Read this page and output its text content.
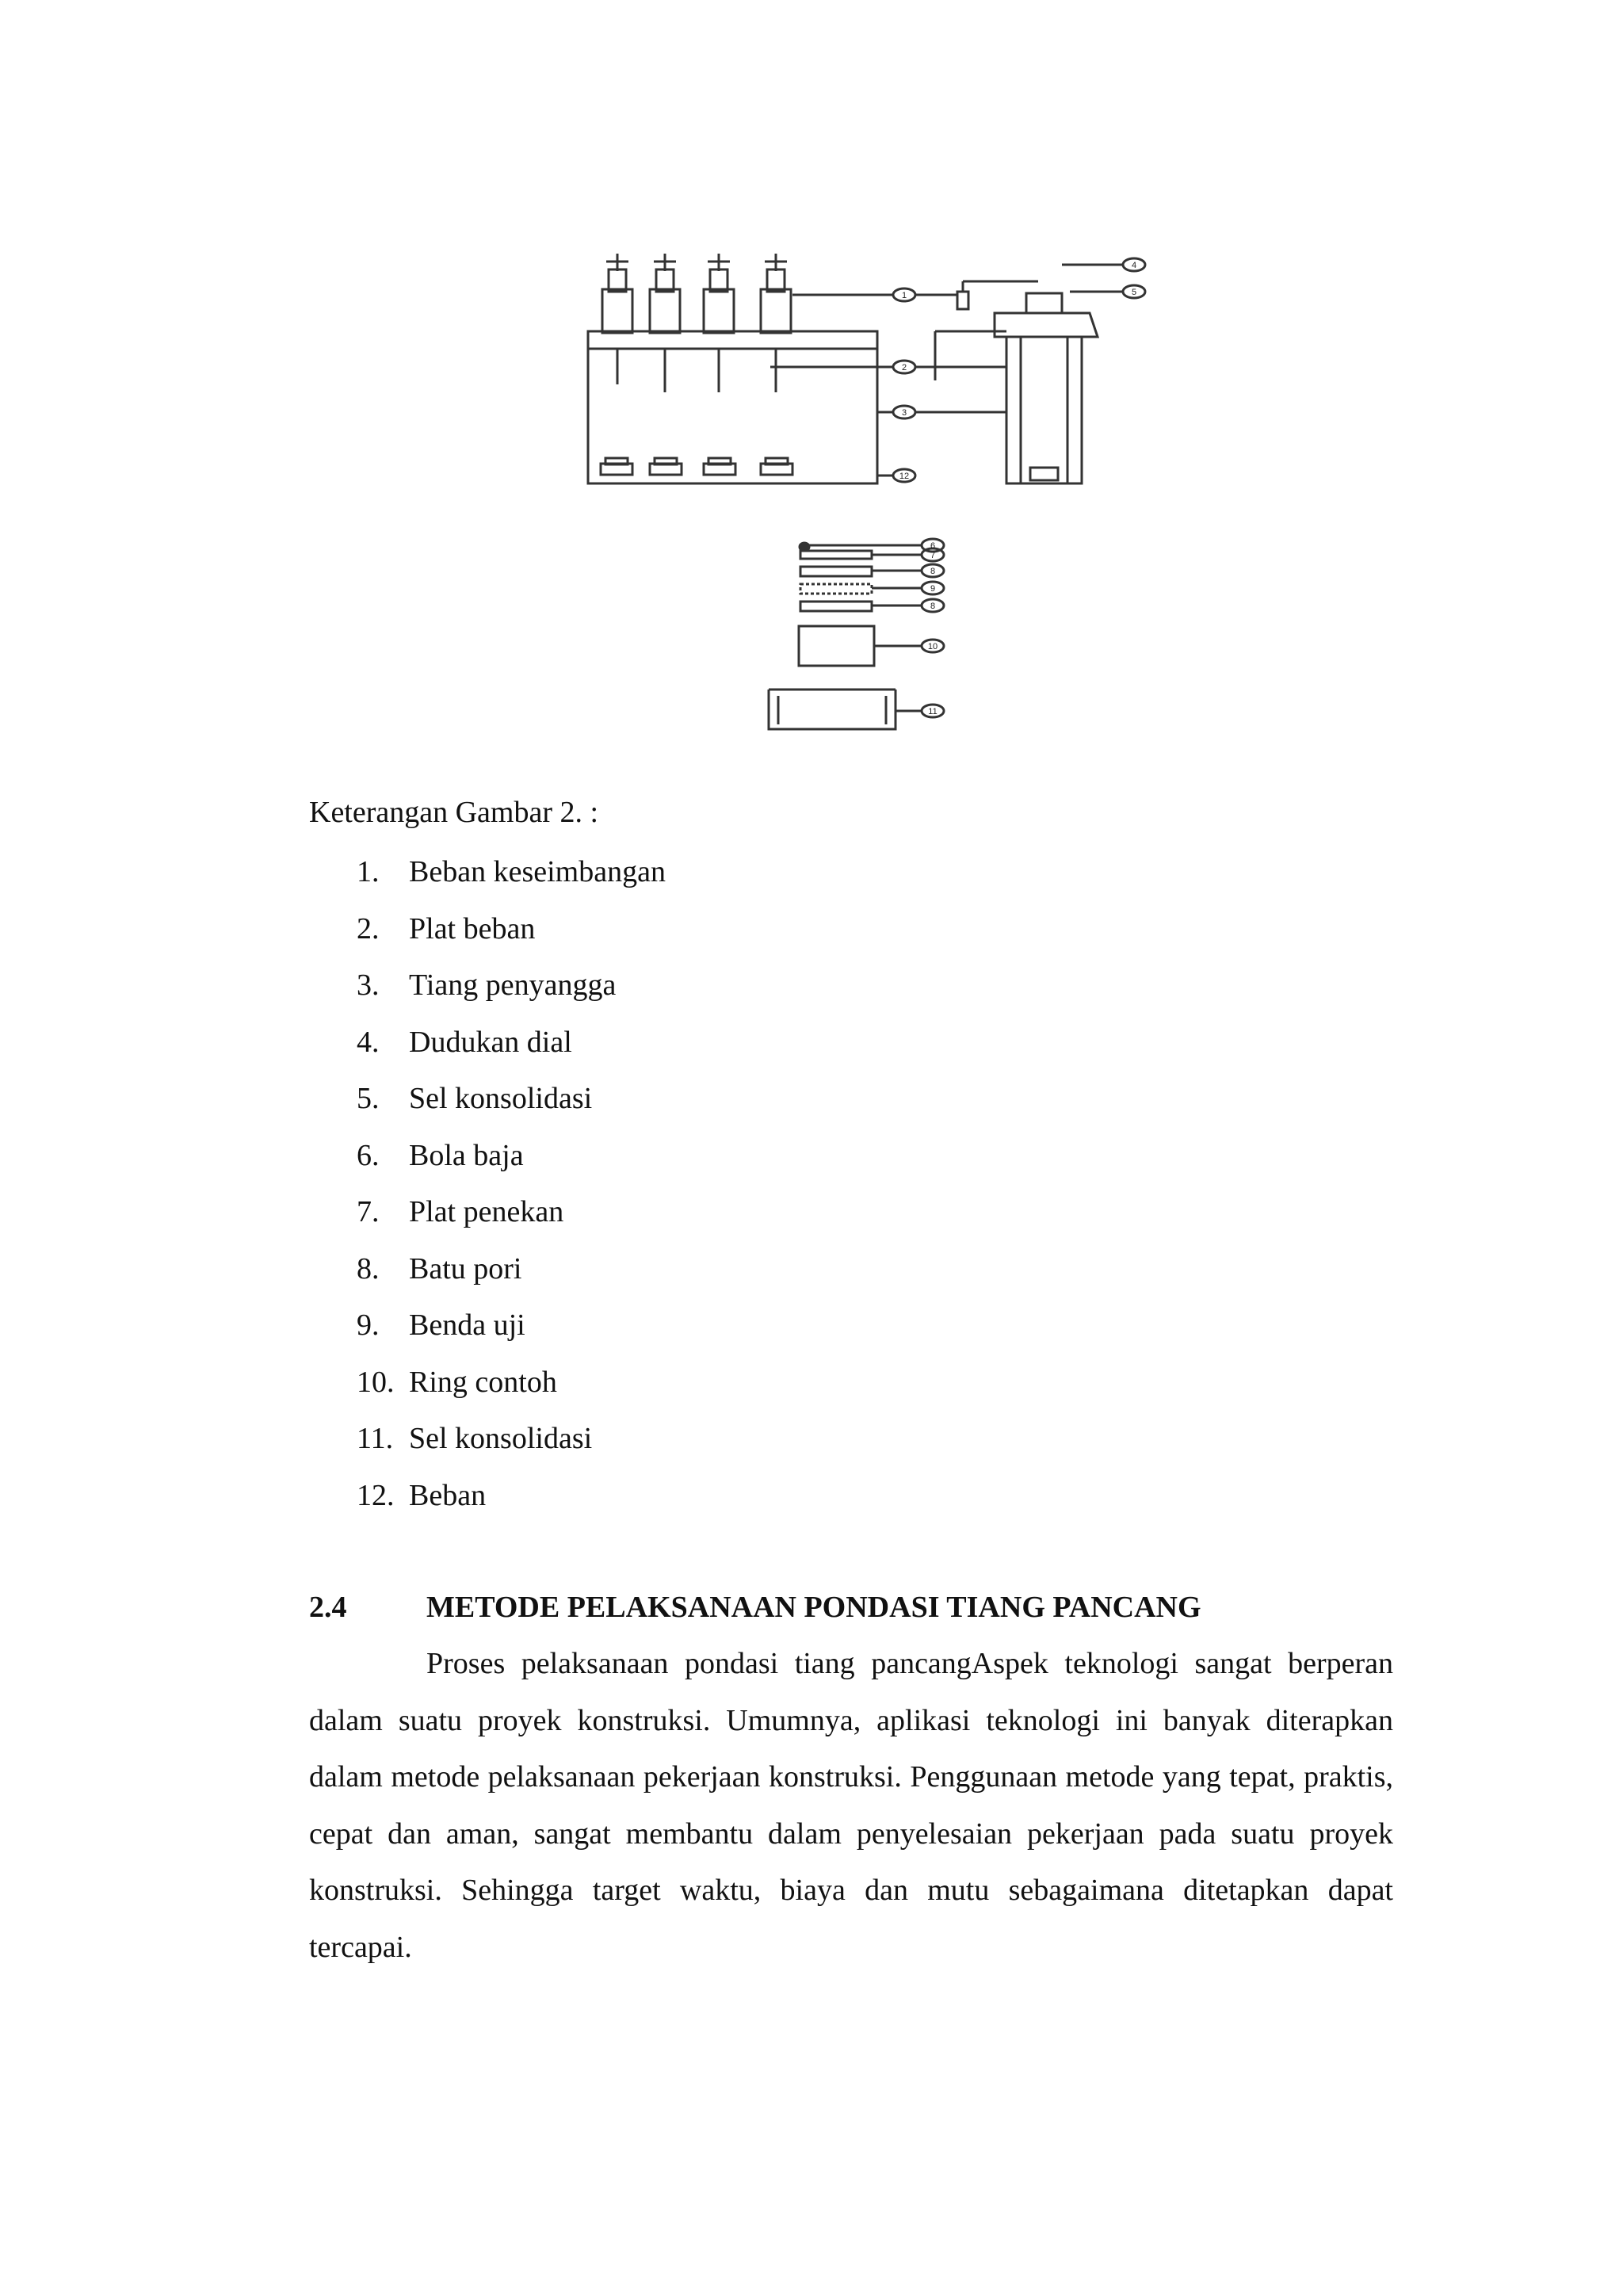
1
2
3
4
5
12
6
7
8
9
8
10
11
Keterangan Gambar 2. :
1. Beban keseimbangan
2. Plat beban
3. Tiang penyangga
4. Dudukan dial
5. Sel konsolidasi
6. Bola baja
7. Plat penekan
8. Batu pori
9. Benda uji
10. Ring contoh
11. Sel konsolidasi
12. Beban
2.4	METODE PELAKSANAAN PONDASI TIANG PANCANG

Proses pelaksanaan pondasi tiang pancangAspek teknologi sangat berperan dalam suatu proyek konstruksi. Umumnya, aplikasi teknologi ini banyak diterapkan dalam metode pelaksanaan pekerjaan konstruksi. Penggunaan metode yang tepat, praktis, cepat dan aman, sangat membantu dalam penyelesaian pekerjaan pada suatu proyek konstruksi. Sehingga target waktu, biaya dan mutu sebagaimana ditetapkan dapat tercapai.
